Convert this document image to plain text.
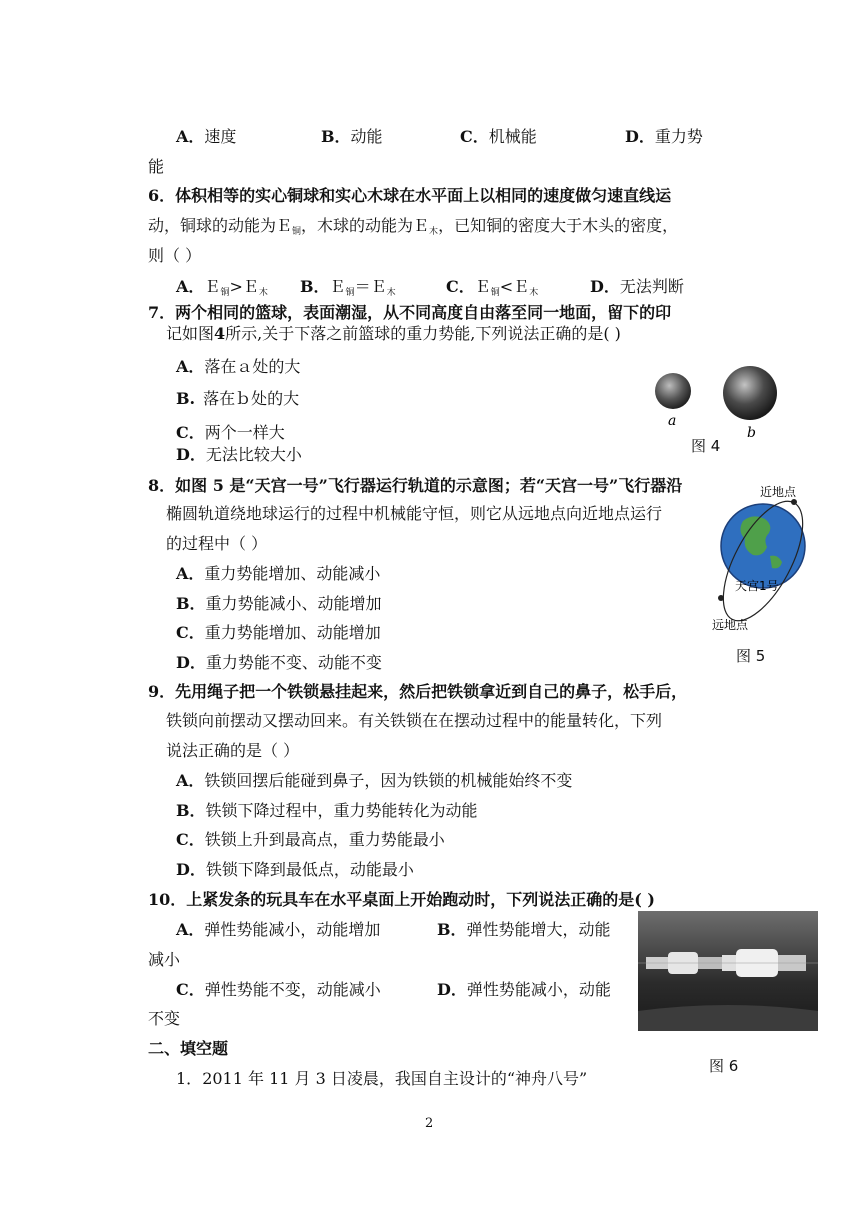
A．速度	B．动能	C．机械能	D．重力势
能
6．体积相等的实心铜球和实心木球在水平面上以相同的速度做匀速直线运
动，铜球的动能为Ｅ$_铜$，木球的动能为Ｅ$_木$，已知铜的密度大于木头的密度，
则（ ）
A．Ｅ$_铜$>Ｅ$_木$ B．Ｅ$_铜$＝Ｅ$_木$	C．Ｅ$_铜$<Ｅ$_木$	D．无法判断
7．两个相同的篮球，表面潮湿，从不同高度自由落至同一地面，留下的印
记如图4所示,关于下落之前篮球的重力势能,下列说法正确的是( )
A．落在ａ处的大
B. 落在ｂ处的大
C．两个一样大
D．无法比较大小
a
b
图 4
8．如图 5 是“天宫一号”飞行器运行轨道的示意图；若“天宫一号”飞行器沿
椭圆轨道绕地球运行的过程中机械能守恒，则它从远地点向近地点运行
的过程中（ ）
A．重力势能增加、动能减小
B．重力势能减小、动能增加
C．重力势能增加、动能增加
D．重力势能不变、动能不变
近地点
天宫1号
远地点
图 5
9．先用绳子把一个铁锁悬挂起来，然后把铁锁拿近到自己的鼻子，松手后，
铁锁向前摆动又摆动回来。有关铁锁在在摆动过程中的能量转化，下列
说法正确的是（ ）
A．铁锁回摆后能碰到鼻子，因为铁锁的机械能始终不变
B．铁锁下降过程中，重力势能转化为动能
C．铁锁上升到最高点，重力势能最小
D．铁锁下降到最低点，动能最小
10．上紧发条的玩具车在水平桌面上开始跑动时，下列说法正确的是( )
A．弹性势能减小，动能增加	B．弹性势能增大，动能
减小
C．弹性势能不变，动能减小	D．弹性势能减小，动能
不变
图 6
二、填空题
1．2011 年 11 月 3 日凌晨，我国自主设计的“神舟八号”
2
